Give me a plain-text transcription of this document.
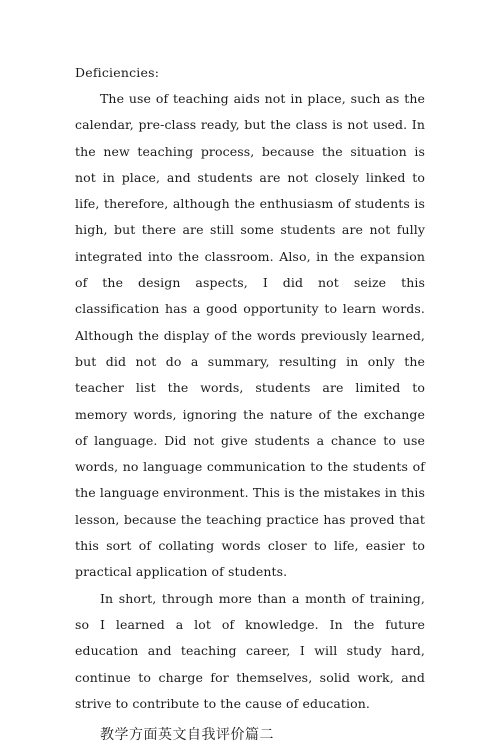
Deficiencies:

The use of teaching aids not in place, such as the calendar, pre-class ready, but the class is not used. In the new teaching process, because the situation is not in place, and students are not closely linked to life, therefore, although the enthusiasm of students is high, but there are still some students are not fully integrated into the classroom. Also, in the expansion of the design aspects, I did not seize this classification has a good opportunity to learn words. Although the display of the words previously learned, but did not do a summary, resulting in only the teacher list the words, students are limited to memory words, ignoring the nature of the exchange of language. Did not give students a chance to use words, no language communication to the students of the language environment. This is the mistakes in this lesson, because the teaching practice has proved that this sort of collating words closer to life, easier to practical application of students.

In short, through more than a month of training, so I learned a lot of knowledge. In the future education and teaching career, I will study hard, continue to charge for themselves, solid work, and strive to contribute to the cause of education.

教学方面英文自我评价篇二
